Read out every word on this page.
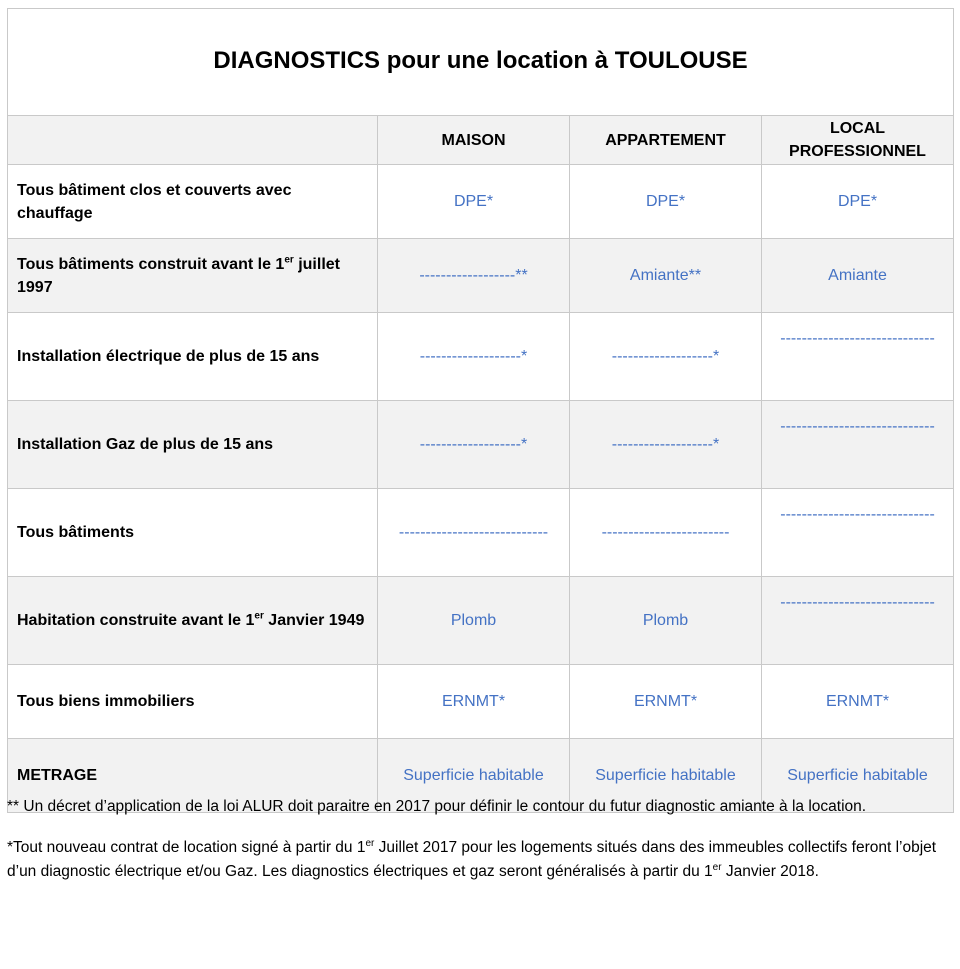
DIAGNOSTICS pour une location à TOULOUSE			
	MAISON	APPARTEMENT	LOCAL
PROFESSIONNEL
Tous bâtiment clos et couverts avec chauffage	DPE*	DPE*	DPE*
Tous bâtiments construit avant le 1er juillet 1997	------------------**	Amiante**	Amiante
Installation électrique de plus de 15 ans	-------------------*	-------------------*	-----------------------------
Installation Gaz de plus de 15 ans	-------------------*	-------------------*	-----------------------------
Tous bâtiments	----------------------------	------------------------	-----------------------------
Habitation construite avant le 1er Janvier 1949	Plomb	Plomb	-----------------------------
Tous biens immobiliers	ERNMT*	ERNMT*	ERNMT*
METRAGE	Superficie habitable	Superficie habitable	Superficie habitable

** Un décret d’application de la loi ALUR doit paraitre en 2017 pour définir le contour du futur diagnostic amiante à la location.

*Tout nouveau contrat de location signé à partir du 1er Juillet 2017 pour les logements situés dans des immeubles collectifs feront l’objet d’un diagnostic électrique et/ou Gaz. Les diagnostics électriques et gaz seront généralisés à partir du 1er Janvier 2018.
